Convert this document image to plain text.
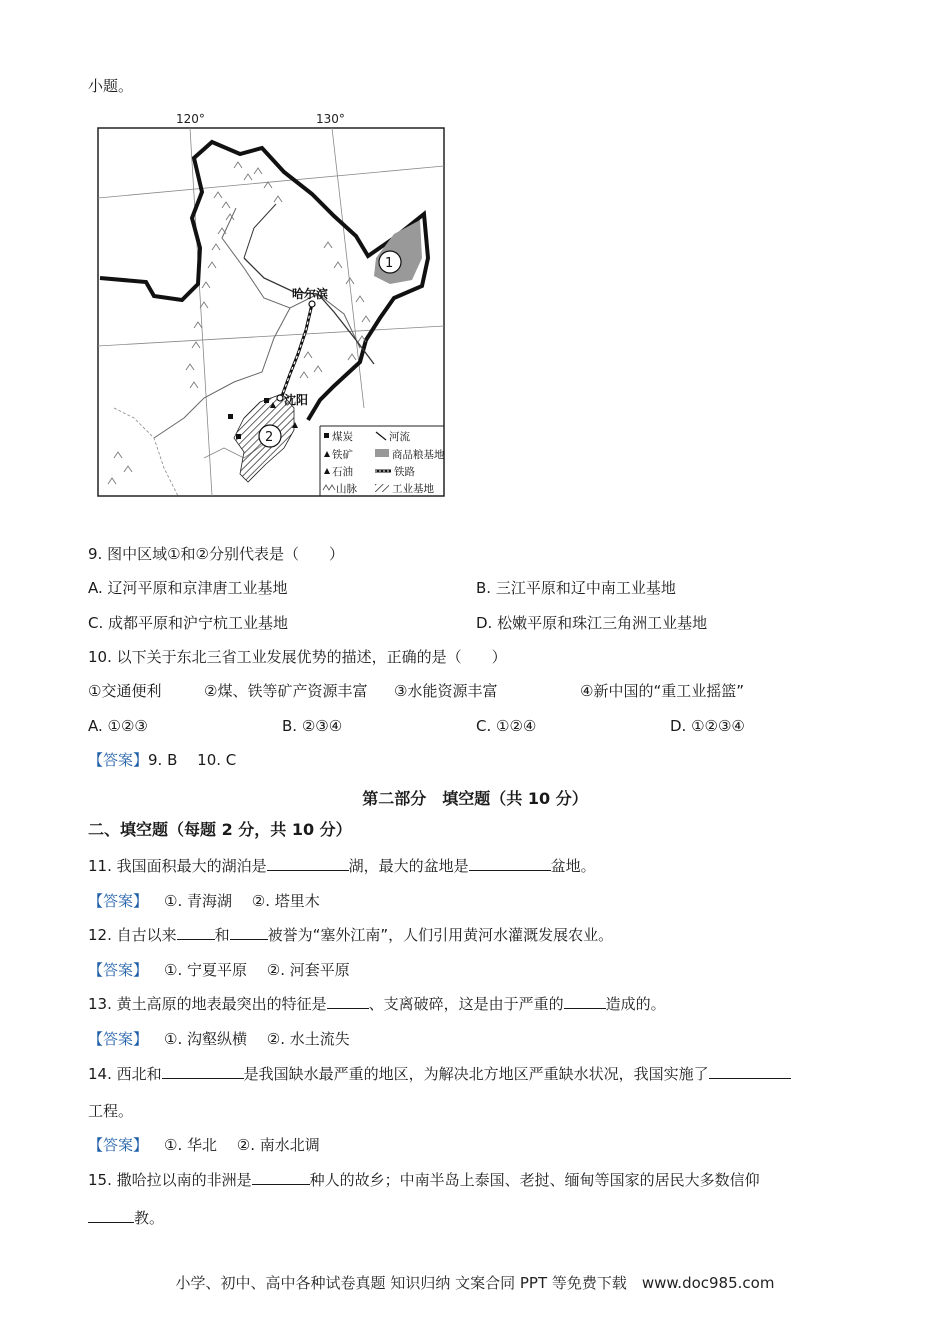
小题。
120°	130°
1
2
哈尔滨
沈阳
煤炭
铁矿
石油
山脉
河流
商品粮基地
铁路
工业基地
9. 图中区域①和②分别代表是（　　）
A. 辽河平原和京津唐工业基地	B. 三江平原和辽中南工业基地
C. 成都平原和沪宁杭工业基地	D. 松嫩平原和珠江三角洲工业基地
10. 以下关于东北三省工业发展优势的描述，正确的是（　　）
①交通便利	②煤、铁等矿产资源丰富 ③水能资源丰富	④新中国的“重工业摇篮”
A. ①②③	B. ②③④	C. ①②④	D. ①②③④
【答案】9. B　 10. C
第二部分　填空题（共 10 分）
二、填空题（每题 2 分，共 10 分）
11. 我国面积最大的湖泊是	湖，最大的盆地是	盆地。
【答案】 ①. 青海湖　 ②. 塔里木
12. 自古以来	和	被誉为“塞外江南”，人们引用黄河水灌溉发展农业。
【答案】 ①. 宁夏平原　 ②. 河套平原
13. 黄土高原的地表最突出的特征是	、支离破碎，这是由于严重的	造成的。
【答案】 ①. 沟壑纵横　 ②. 水土流失
14. 西北和	是我国缺水最严重的地区，为解决北方地区严重缺水状况，我国实施了
工程。
【答案】 ①. 华北　 ②. 南水北调
15. 撒哈拉以南的非洲是	种人的故乡；中南半岛上泰国、老挝、缅甸等国家的居民大多数信仰
教。
小学、初中、高中各种试卷真题 知识归纳 文案合同 PPT 等免费下载　www.doc985.com
